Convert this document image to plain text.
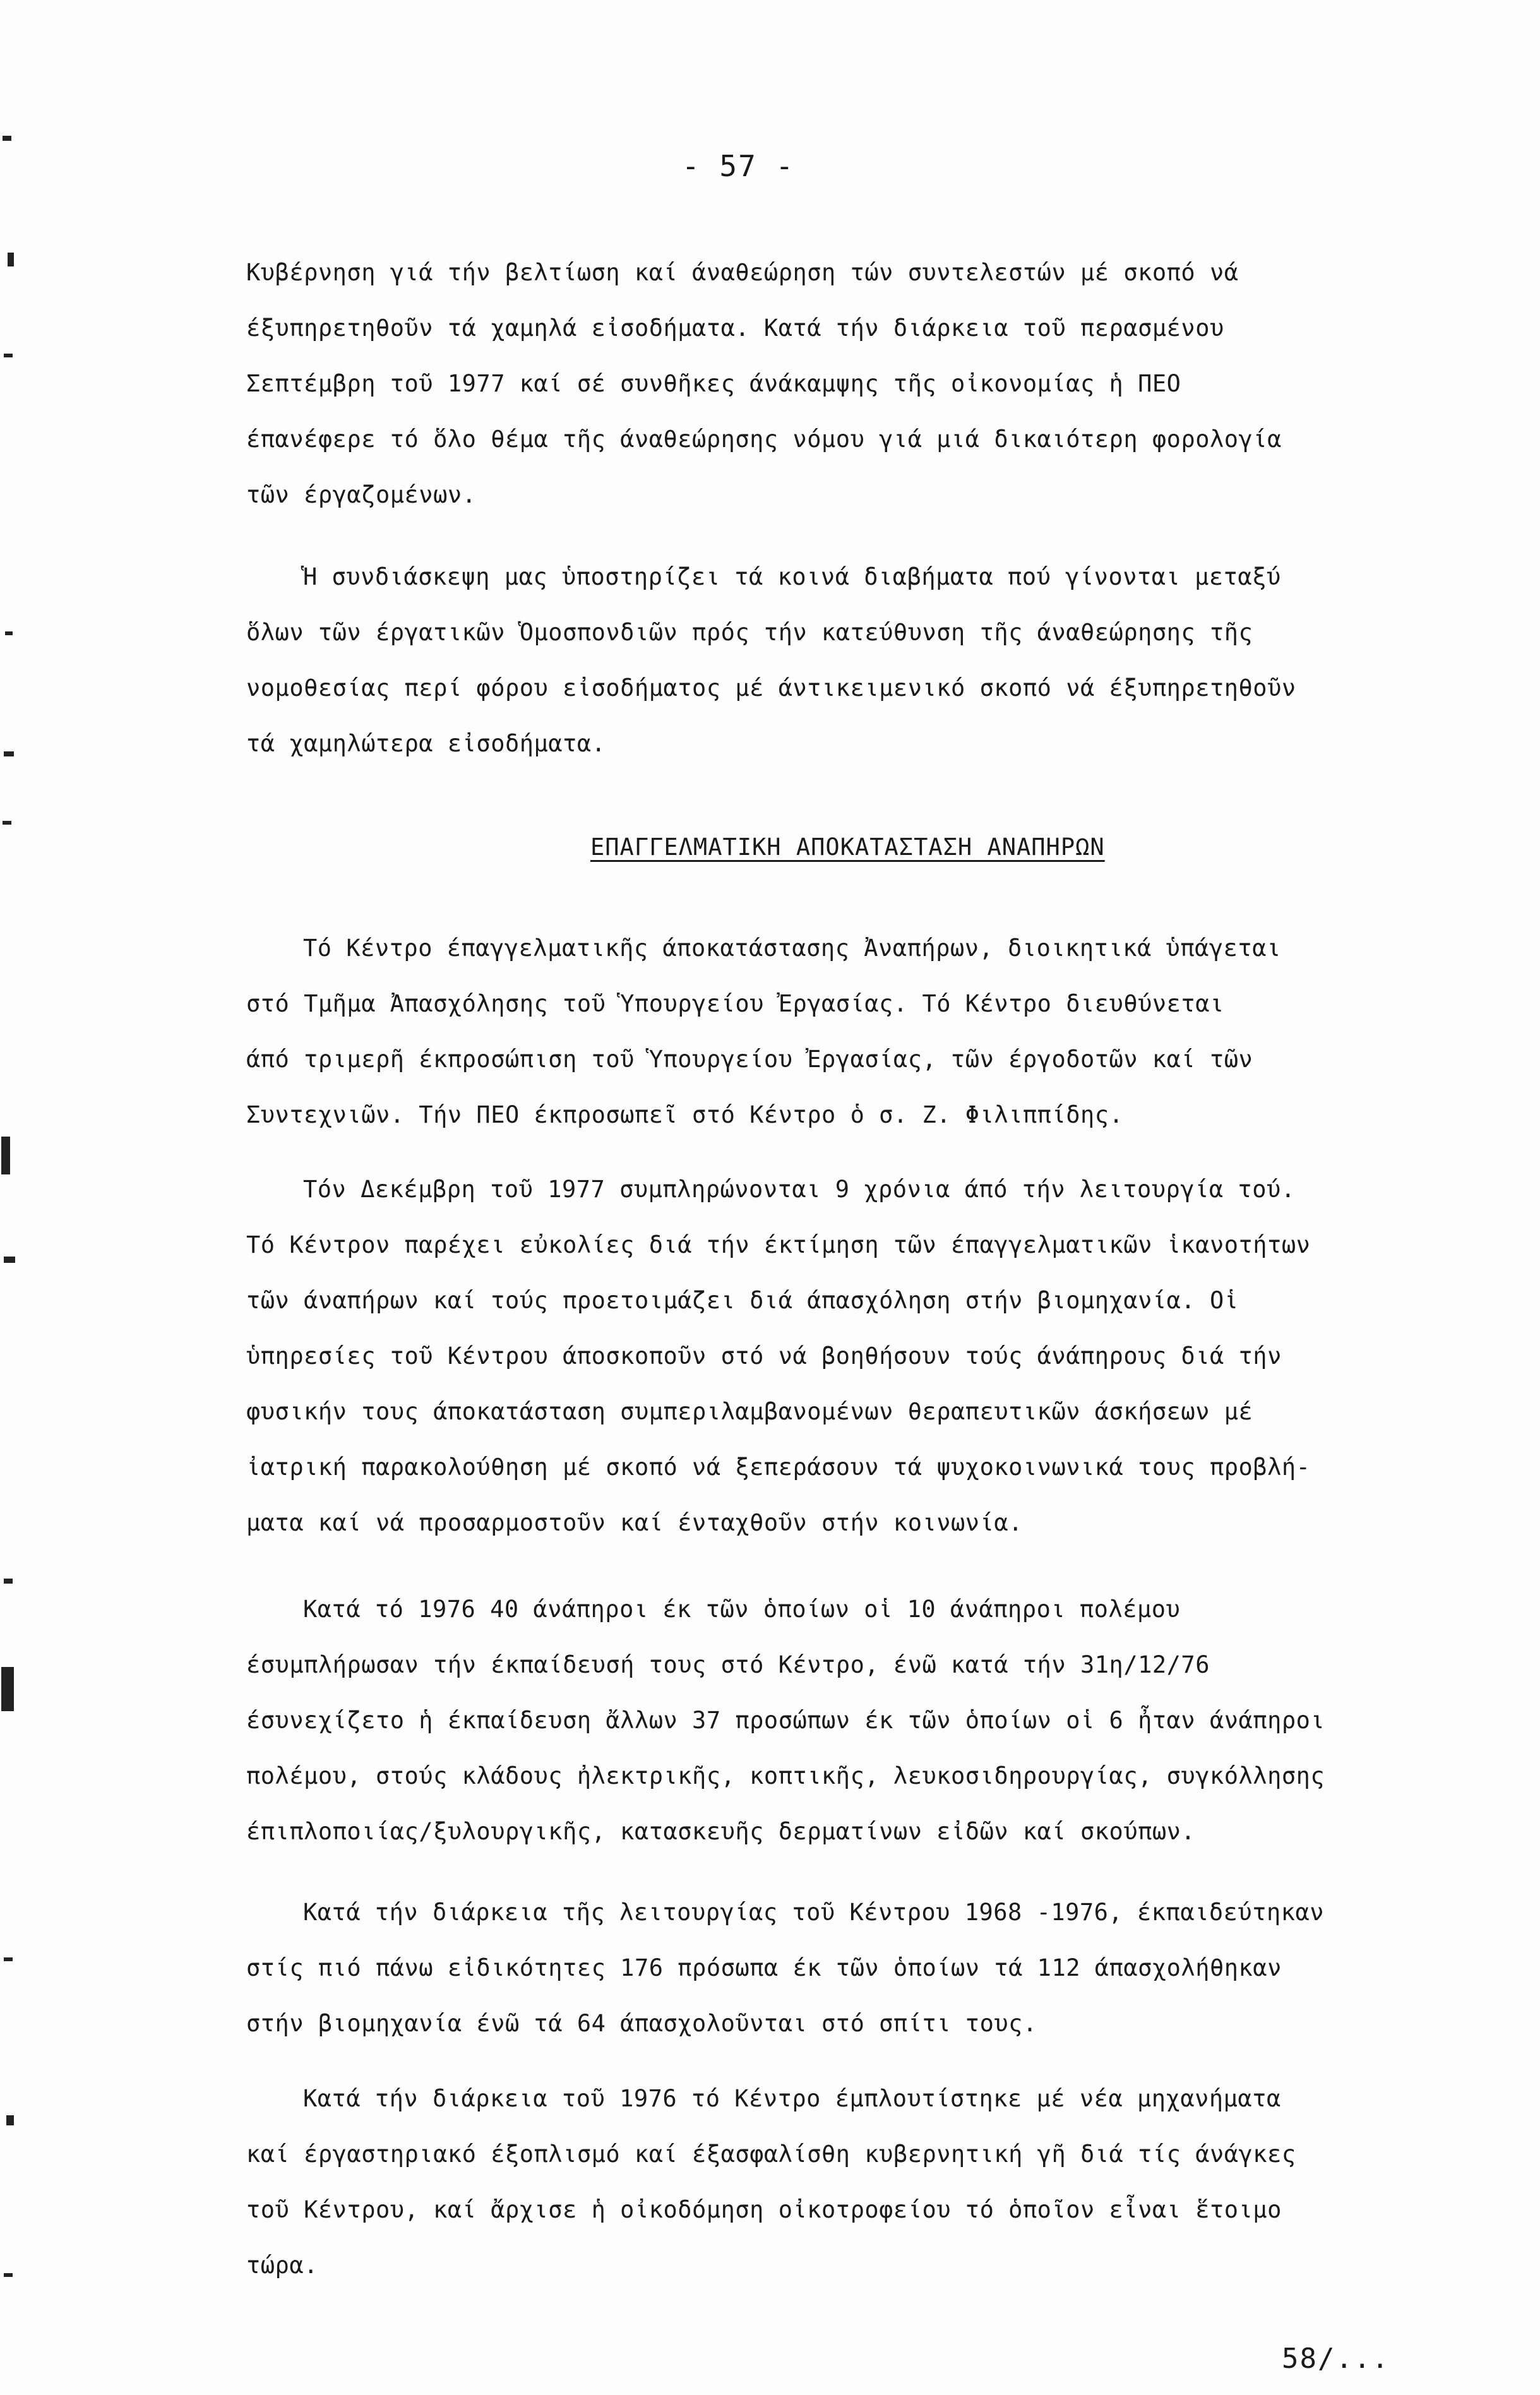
- 57 -
Κυβέρνηση γιά τήν βελτίωση καί άναθεώρηση τών συντελεστών μέ σκοπό νά
έξυπηρετηθοῦν τά χαμηλά εἰσοδήματα. Κατά τήν διάρκεια τοῦ περασμένου
Σεπτέμβρη τοῦ 1977 καί σέ συνθῆκες άνάκαμψης τῆς οἰκονομίας ἡ ΠΕΟ
έπανέφερε τό ὅλο θέμα τῆς άναθεώρησης νόμου γιά μιά δικαιότερη φορολογία
τῶν έργαζομένων.
Ἡ συνδιάσκεψη μας ὑποστηρίζει τά κοινά διαβήματα πού γίνονται μεταξύ
ὅλων τῶν έργατικῶν Ὁμοσπονδιῶν πρός τήν κατεύθυνση τῆς άναθεώρησης τῆς
νομοθεσίας περί φόρου εἰσοδήματος μέ άντικειμενικό σκοπό νά έξυπηρετηθοῦν
τά χαμηλώτερα εἰσοδήματα.
ΕΠΑΓΓΕΛΜΑΤΙΚΗ ΑΠΟΚΑΤΑΣΤΑΣΗ ΑΝΑΠΗΡΩΝ
Τό Κέντρο έπαγγελματικῆς άποκατάστασης Ἀναπήρων, διοικητικά ὑπάγεται
στό Τμῆμα Ἀπασχόλησης τοῦ Ὑπουργείου Ἐργασίας. Τό Κέντρο διευθύνεται
άπό τριμερῆ έκπροσώπιση τοῦ Ὑπουργείου Ἐργασίας, τῶν έργοδοτῶν καί τῶν
Συντεχνιῶν. Τήν ΠΕΟ έκπροσωπεῖ στό Κέντρο ὁ σ. Ζ. Φιλιππίδης.
Τόν Δεκέμβρη τοῦ 1977 συμπληρώνονται 9 χρόνια άπό τήν λειτουργία τού.
Τό Κέντρον παρέχει εὐκολίες διά τήν έκτίμηση τῶν έπαγγελματικῶν ἱκανοτήτων
τῶν άναπήρων καί τούς προετοιμάζει διά άπασχόληση στήν βιομηχανία. Οἱ
ὑπηρεσίες τοῦ Κέντρου άποσκοποῦν στό νά βοηθήσουν τούς άνάπηρους διά τήν
φυσικήν τους άποκατάσταση συμπεριλαμβανομένων θεραπευτικῶν άσκήσεων μέ
ἰατρική παρακολούθηση μέ σκοπό νά ξεπεράσουν τά ψυχοκοινωνικά τους προβλή-
ματα καί νά προσαρμοστοῦν καί ένταχθοῦν στήν κοινωνία.
Κατά τό 1976 40 άνάπηροι έκ τῶν ὁποίων οἱ 10 άνάπηροι πολέμου
έσυμπλήρωσαν τήν έκπαίδευσή τους στό Κέντρο, ένῶ κατά τήν 31η/12/76
έσυνεχίζετο ἡ έκπαίδευση ἄλλων 37 προσώπων έκ τῶν ὁποίων οἱ 6 ἦταν άνάπηροι
πολέμου, στούς κλάδους ἠλεκτρικῆς, κοπτικῆς, λευκοσιδηρουργίας, συγκόλλησης
έπιπλοποιίας/ξυλουργικῆς, κατασκευῆς δερματίνων εἰδῶν καί σκούπων.
Κατά τήν διάρκεια τῆς λειτουργίας τοῦ Κέντρου 1968 -1976, έκπαιδεύτηκαν
στίς πιό πάνω εἰδικότητες 176 πρόσωπα έκ τῶν ὁποίων τά 112 άπασχολήθηκαν
στήν βιομηχανία ένῶ τά 64 άπασχολοῦνται στό σπίτι τους.
Κατά τήν διάρκεια τοῦ 1976 τό Κέντρο έμπλουτίστηκε μέ νέα μηχανήματα
καί έργαστηριακό έξοπλισμό καί έξασφαλίσθη κυβερνητική γῆ διά τίς άνάγκες
τοῦ Κέντρου, καί ἄρχισε ἡ οἰκοδόμηση οἰκοτροφείου τό ὁποῖον εἶναι ἕτοιμο
τώρα.
58/...
